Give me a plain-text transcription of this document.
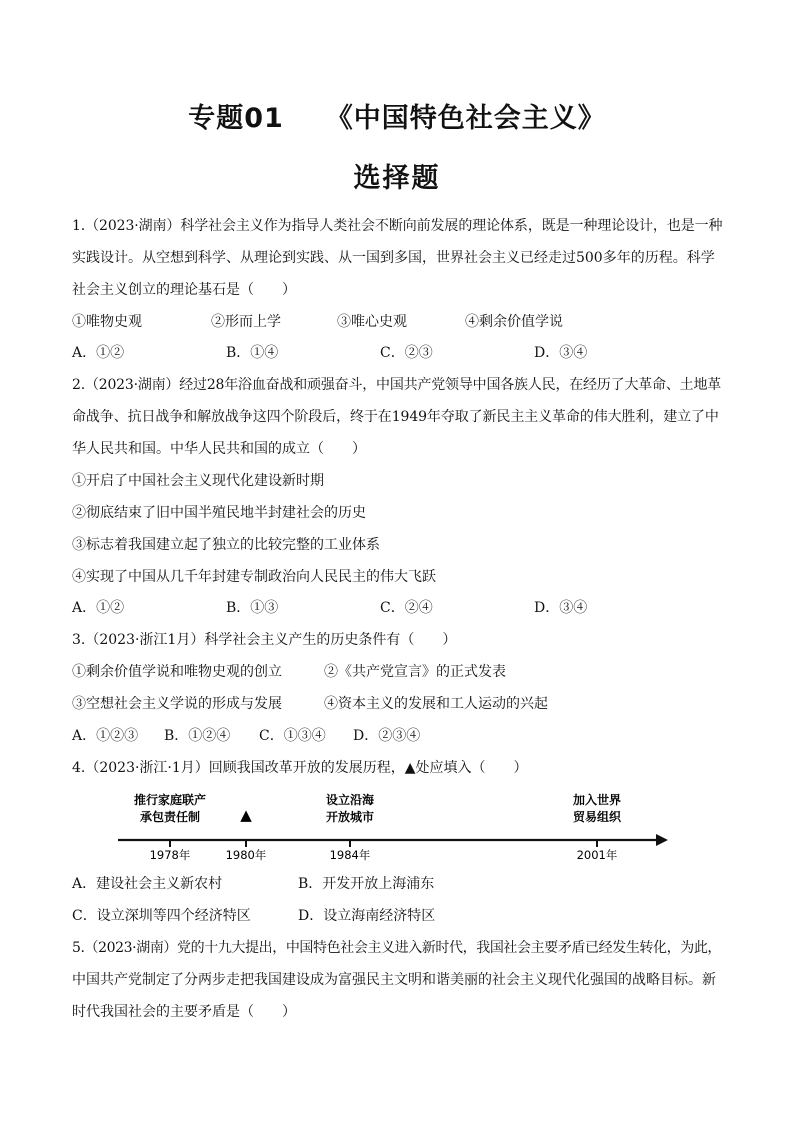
专题01 《中国特色社会主义》
选择题
1.（2023·湖南）科学社会主义作为指导人类社会不断向前发展的理论体系，既是一种理论设计，也是一种
实践设计。从空想到科学、从理论到实践、从一国到多国，世界社会主义已经走过500多年的历程。科学
社会主义创立的理论基石是（　　）
①唯物史观	②形而上学	③唯心史观	④剩余价值学说
A．①②	B．①④	C．②③	D．③④
2.（2023·湖南）经过28年浴血奋战和顽强奋斗，中国共产党领导中国各族人民，在经历了大革命、土地革
命战争、抗日战争和解放战争这四个阶段后，终于在1949年夺取了新民主主义革命的伟大胜利，建立了中
华人民共和国。中华人民共和国的成立（　　）
①开启了中国社会主义现代化建设新时期
②彻底结束了旧中国半殖民地半封建社会的历史
③标志着我国建立起了独立的比较完整的工业体系
④实现了中国从几千年封建专制政治向人民民主的伟大飞跃
A．①②	B．①③	C．②④	D．③④
3.（2023·浙江1月）科学社会主义产生的历史条件有（　　）
①剩余价值学说和唯物史观的创立	②《共产党宣言》的正式发表
③空想社会主义学说的形成与发展	④资本主义的发展和工人运动的兴起
A．①②③ B．①②④ C．①③④ D．②③④
4.（2023·浙江·1月）回顾我国改革开放的发展历程，▲处应填入（　　）
推行家庭联产
承包责任制
1978年
▲
1980年
设立沿海
开放城市
1984年
加入世界
贸易组织
2001年
A．建设社会主义新农村	B．开发开放上海浦东
C．设立深圳等四个经济特区	D．设立海南经济特区
5.（2023·湖南）党的十九大提出，中国特色社会主义进入新时代，我国社会主要矛盾已经发生转化，为此，
中国共产党制定了分两步走把我国建设成为富强民主文明和谐美丽的社会主义现代化强国的战略目标。新
时代我国社会的主要矛盾是（　　）
